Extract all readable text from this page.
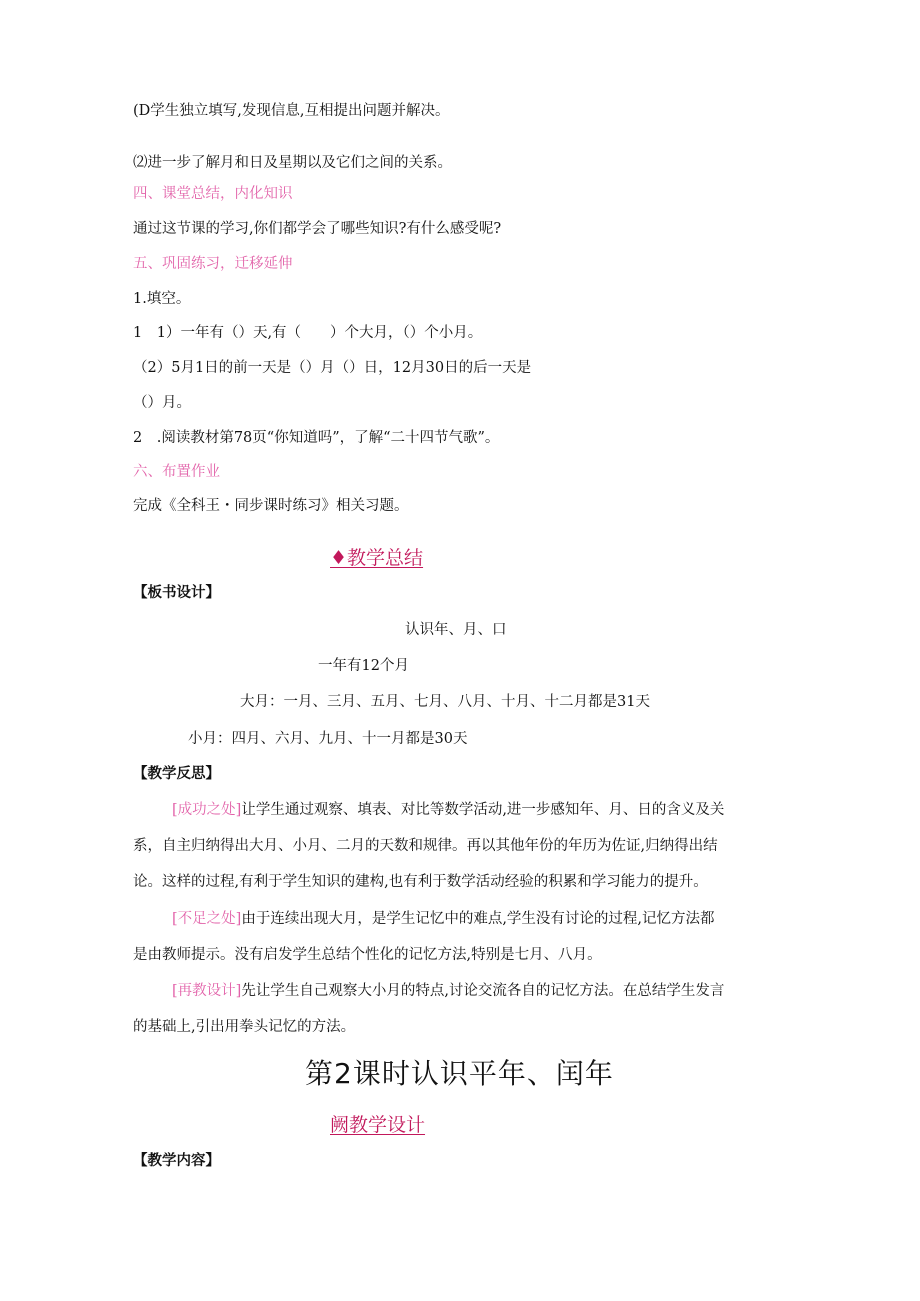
(D学生独立填写,发现信息,互相提出问题并解决。
⑵进一步了解月和日及星期以及它们之间的关系。
四、课堂总结，内化知识
通过这节课的学习,你们都学会了哪些知识?有什么感受呢?
五、巩固练习，迁移延伸
1.填空。
1　1）一年有（）天,有（　　）个大月，（）个小月。
（2）5月1日的前一天是（）月（）日，12月30日的后一天是
（）月。
2　.阅读教材第78页“你知道吗”，了解“二十四节气歌”。
六、布置作业
完成《全科王・同步课时练习》相关习题。
♦教学总结
【板书设计】
认识年、月、口
一年有12个月
大月：一月、三月、五月、七月、八月、十月、十二月都是31天
小月：四月、六月、九月、十一月都是30天
【教学反思】
[成功之处]让学生通过观察、填表、对比等数学活动,进一步感知年、月、日的含义及关
系，自主归纳得出大月、小月、二月的天数和规律。再以其他年份的年历为佐证,归纳得出结
论。这样的过程,有利于学生知识的建构,也有利于数学活动经验的积累和学习能力的提升。
[不足之处]由于连续出现大月，是学生记忆中的难点,学生没有讨论的过程,记忆方法都
是由教师提示。没有启发学生总结个性化的记忆方法,特别是七月、八月。
[再教设计]先让学生自己观察大小月的特点,讨论交流各自的记忆方法。在总结学生发言
的基础上,引出用拳头记忆的方法。
第2课时认识平年、闰年
阙教学设计
【教学内容】
